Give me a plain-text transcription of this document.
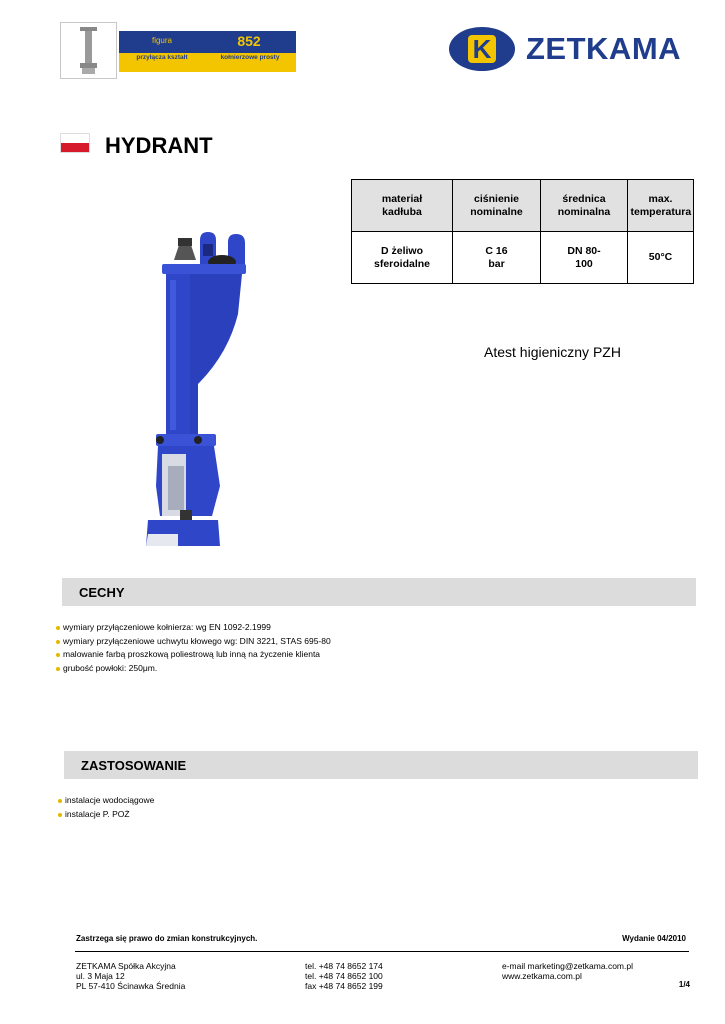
figura	852
przyłącza kształt	kołnierzowe prosty	K ZETKAMA
HYDRANT
materiał kadłuba	ciśnienie nominalne	średnica nominalna	max. temperatura

D żeliwo sferoidalne	C 16 bar	DN 80-100	50°C
Atest higieniczny PZH
CECHY
wymiary przyłączeniowe kołnierza: wg EN 1092-2.1999
wymiary przyłączeniowe uchwytu kłowego wg: DIN 3221, STAS 695-80
malowanie farbą proszkową poliestrową lub inną na życzenie klienta
grubość powłoki: 250μm.
ZASTOSOWANIE
instalacje wodociągowe
instalacje P. POŻ
Zastrzega się prawo do zmian konstrukcyjnych.	Wydanie 04/2010
ZETKAMA Spółka Akcyjna
ul. 3 Maja 12
PL 57-410 Ścinawka Średnia
tel. +48 74 8652 174
tel. +48 74 8652 100
fax +48 74 8652 199
e-mail marketing@zetkama.com.pl
www.zetkama.com.pl
1/4
